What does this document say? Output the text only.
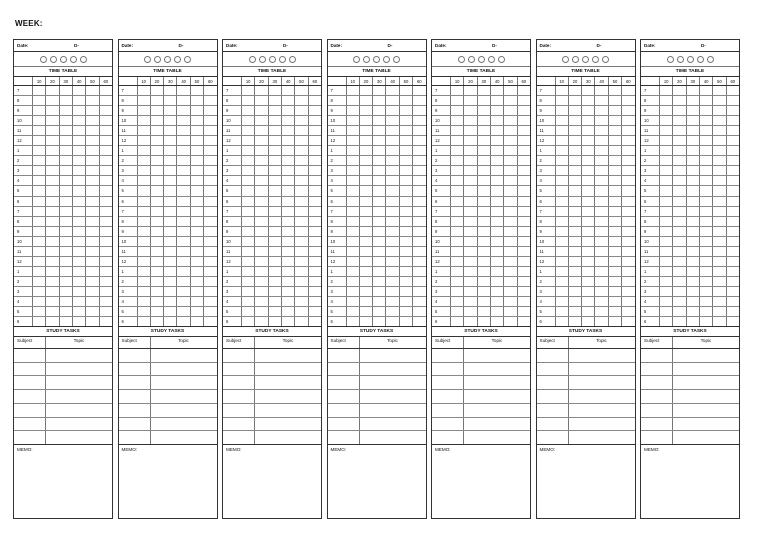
WEEK:
Date:	D-
TIME TABLE
10	20	30	40	50	60
7
8
9
10
11
12
1
2
3
4
5
6
7
8
9
10
11
12
1
2
3
4
5
6
STUDY TASKS
Subject	Topic
MEMO:
Date:	D-
TIME TABLE
10	20	30	40	50	60
7
8
9
10
11
12
1
2
3
4
5
6
7
8
9
10
11
12
1
2
3
4
5
6
STUDY TASKS
Subject	Topic
MEMO:
Date:	D-
TIME TABLE
10	20	30	40	50	60
7
8
9
10
11
12
1
2
3
4
5
6
7
8
9
10
11
12
1
2
3
4
5
6
STUDY TASKS
Subject	Topic
MEMO:
Date:	D-
TIME TABLE
10	20	30	40	50	60
7
8
9
10
11
12
1
2
3
4
5
6
7
8
9
10
11
12
1
2
3
4
5
6
STUDY TASKS
Subject	Topic
MEMO:
Date:	D-
TIME TABLE
10	20	30	40	50	60
7
8
9
10
11
12
1
2
3
4
5
6
7
8
9
10
11
12
1
2
3
4
5
6
STUDY TASKS
Subject	Topic
MEMO:
Date:	D-
TIME TABLE
10	20	30	40	50	60
7
8
9
10
11
12
1
2
3
4
5
6
7
8
9
10
11
12
1
2
3
4
5
6
STUDY TASKS
Subject	Topic
MEMO:
Date:	D-
TIME TABLE
10	20	30	40	50	60
7
8
9
10
11
12
1
2
3
4
5
6
7
8
9
10
11
12
1
2
3
4
5
6
STUDY TASKS
Subject	Topic
MEMO:
